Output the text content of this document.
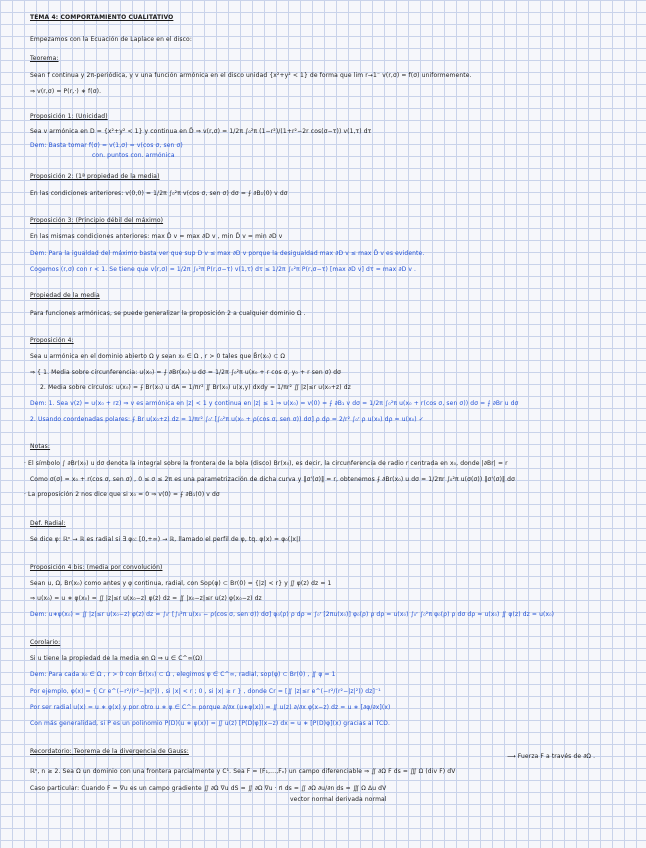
TEMA 4: COMPORTAMIENTO CUALITATIVO
Empezamos con la Ecuación de Laplace en el disco:
Teorema:
Sean f continua y 2π-periódica, y v una función armónica en el disco unidad {x²+y² < 1} de forma que lim r→1⁻ v(r,σ) = f(σ) uniformemente.
⇒ v(r,σ) = P(r,·) ∗ f(σ).
Proposición 1: (Unicidad)
Sea v armónica en D = {x²+y² < 1} y continua en D̄ ⇒ v(r,σ) = 1/2π ∫₀²π (1−r²)/(1+r²−2r cos(σ−τ)) v(1,τ) dτ
Dem: Basta tomar f(σ) = v(1,σ) = v(cos σ, sen σ)
con. puntos con. armónica
Proposición 2: (1ª propiedad de la media)
En las condiciones anteriores: v(0,0) = 1/2π ∫₀²π v(cos σ, sen σ) dσ = ⨍ ∂B₁(0) v dσ
Proposición 3: (Principio débil del máximo)
En las mismas condiciones anteriores: max D̄ v = max ∂D v , min D̄ v = min ∂D v
Dem: Para la igualdad del máximo basta ver que sup D v ≤ max ∂D v porque la desigualdad max ∂D v ≤ max D̄ v es evidente.
Cogemos (r,σ) con r < 1. Se tiene que v(r,σ) = 1/2π ∫₀²π P(r,σ−τ) v(1,τ) dτ ≤ 1/2π ∫₀²π P(r,σ−τ) [max ∂D v] dτ = max ∂D v .
Propiedad de la media
Para funciones armónicas, se puede generalizar la proposición 2 a cualquier dominio Ω .
Proposición 4:
Sea u armónica en el dominio abierto Ω y sean x₀ ∈ Ω , r > 0 tales que B̄r(x₀) ⊂ Ω
⇒ { 1. Media sobre circunferencia: u(x₀) = ⨍ ∂Br(x₀) u dσ = 1/2π ∫₀²π u(x₀ + r cos σ, y₀ + r sen σ) dσ
2. Media sobre círculos: u(x₀) = ⨍ Br(x₀) u dA = 1/πr² ∬ Br(x₀) u(x,y) dxdy = 1/πr² ∬ |z|≤r u(x₀+z) dz
Dem: 1. Sea v(z) = u(x₀ + rz) ⇒ v es armónica en |z| < 1 y continua en |z| ≤ 1 ⇒ u(x₀) = v(0) = ⨍ ∂B₁ v dσ = 1/2π ∫₀²π u(x₀ + r(cos σ, sen σ)) dσ = ⨍ ∂Br u dσ
2. Usando coordenadas polares: ⨍ Br u(x₀+z) dz = 1/πr² ∫₀ʳ [∫₀²π u(x₀ + ρ(cos σ, sen σ)) dσ] ρ dρ = 2/r² ∫₀ʳ ρ u(x₀) dρ = u(x₀) ✓
Notas:
· El símbolo ∫ ∂Br(x₀) u dσ denota la integral sobre la frontera de la bola (disco) Br(x₀), es decir, la circunferencia de radio r centrada en x₀, donde |∂Br| = r
Como σ(σ) = x₀ + r(cos σ, sen σ) , 0 ≤ σ ≤ 2π es una parametrización de dicha curva y ‖σ'(σ)‖ = r, obtenemos ⨍ ∂Br(x₀) u dσ = 1/2πr ∫₀²π u(σ(σ)) ‖σ'(σ)‖ dσ
· La proposición 2 nos dice que si x₀ = 0 ⇒ v(0) = ⨍ ∂B₁(0) v dσ
Def. Radial:
Se dice φ: ℝⁿ → ℝ es radial si ∃ φ₀: [0,+∞) → ℝ, llamado el perfil de φ, tq. φ(x) = φ₀(|x|)
Proposición 4 bis: (media por convolución)
Sean u, Ω, Br(x₀) como antes y φ continua, radial, con Sop(φ) ⊂ Br(0) = {|z| < r} y ∬ φ(z) dz = 1
⇒ u(x₀) = u ∗ φ(x₀) = ∬ |z|≤r u(x₀−z) φ(z) dz = ∬ |x₀−z|≤r u(z) φ(x₀−z) dz
Dem: u∗φ(x₀) = ∬ |z|≤r u(x₀−z) φ(z) dz = ∫₀ʳ [∫₀²π u(x₀ − ρ(cos σ, sen σ)) dσ] φ₀(ρ) ρ dρ = ∫₀ʳ [2πu(x₀)] φ₀(ρ) ρ dρ = u(x₀) ∫₀ʳ ∫₀²π φ₀(ρ) ρ dσ dρ = u(x₀) ∬ φ(z) dz = u(x₀)
Corolario:
Si u tiene la propiedad de la media en Ω ⇒ u ∈ C^∞(Ω)
Dem: Para cada x₀ ∈ Ω , r > 0 con B̄r(x₀) ⊂ Ω , elegimos φ ∈ C^∞, radial, sop(φ) ⊂ Br(0) , ∬ φ = 1
Por ejemplo, φ(x) = { Cr e^(−r²/(r²−|x|²)) , si |x| < r ; 0 , si |x| ≥ r } , donde Cr = [∬ |z|≤r e^(−r²/(r²−|z|²)) dz]⁻¹
Por ser radial u(x) = u ∗ φ(x) y por otro u ∗ φ ∈ C^∞ porque ∂/∂x (u∗φ(x)) = ∬ u(z) ∂/∂x φ(x−z) dz = u ∗ [∂φ/∂x](x)
Con más generalidad, si P es un polinomio P(D)(u ∗ φ(x)) = ∬ u(z) [P(D)φ](x−z) dx = u ∗ [P(D)φ](x) gracias al TCD.
Recordatorio: Teorema de la divergencia de Gauss:
⟶ Fuerza F a través de ∂Ω .
ℝⁿ, n ≥ 2. Sea Ω un dominio con una frontera parcialmente y C¹. Sea F = (F₁,...,Fₙ) un campo diferenciable ⇒ ∬ ∂Ω F ds = ∭ Ω (div F) dV
Caso particular: Cuando F = ∇u es un campo gradiente ∬ ∂Ω ∇u dS = ∬ ∂Ω ∇u · n⃗ ds = ∬ ∂Ω ∂u/∂n ds = ∭ Ω Δu dV
vector normal derivada normal
